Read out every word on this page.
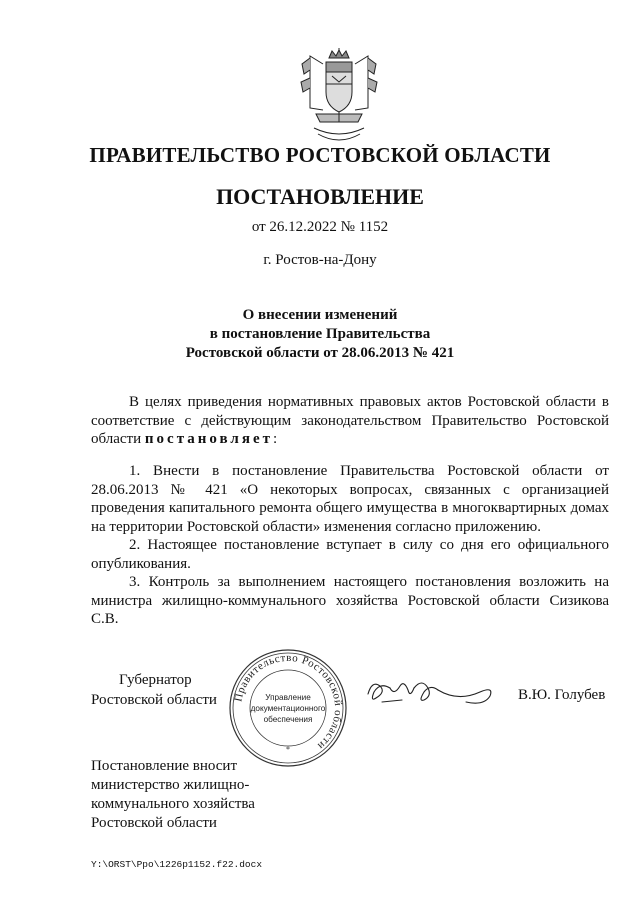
ПРАВИТЕЛЬСТВО РОСТОВСКОЙ ОБЛАСТИ
ПОСТАНОВЛЕНИЕ
от 26.12.2022 № 1152
г. Ростов-на-Дону
О внесении изменений
в постановление Правительства
Ростовской области от 28.06.2013 № 421

В целях приведения нормативных правовых актов Ростовской области в соответствие с действующим законодательством Правительство Ростовской области постановляет:

1. Внести в постановление Правительства Ростовской области от 28.06.2013 № 421 «О некоторых вопросах, связанных с организацией проведения капитального ремонта общего имущества в многоквартирных домах на территории Ростовской области» изменения согласно приложению.

2. Настоящее постановление вступает в силу со дня его официального опубликования.

3. Контроль за выполнением настоящего постановления возложить на министра жилищно-коммунального хозяйства Ростовской области Сизикова С.В.

Губернатор
Ростовской области Правительство Ростовской области
Управление
документационного
обеспечения
*
В.Ю. Голубев
Постановление вносит
министерство жилищно-
коммунального хозяйства
Ростовской области
Y:\ORST\Ppo\1226p1152.f22.docx
